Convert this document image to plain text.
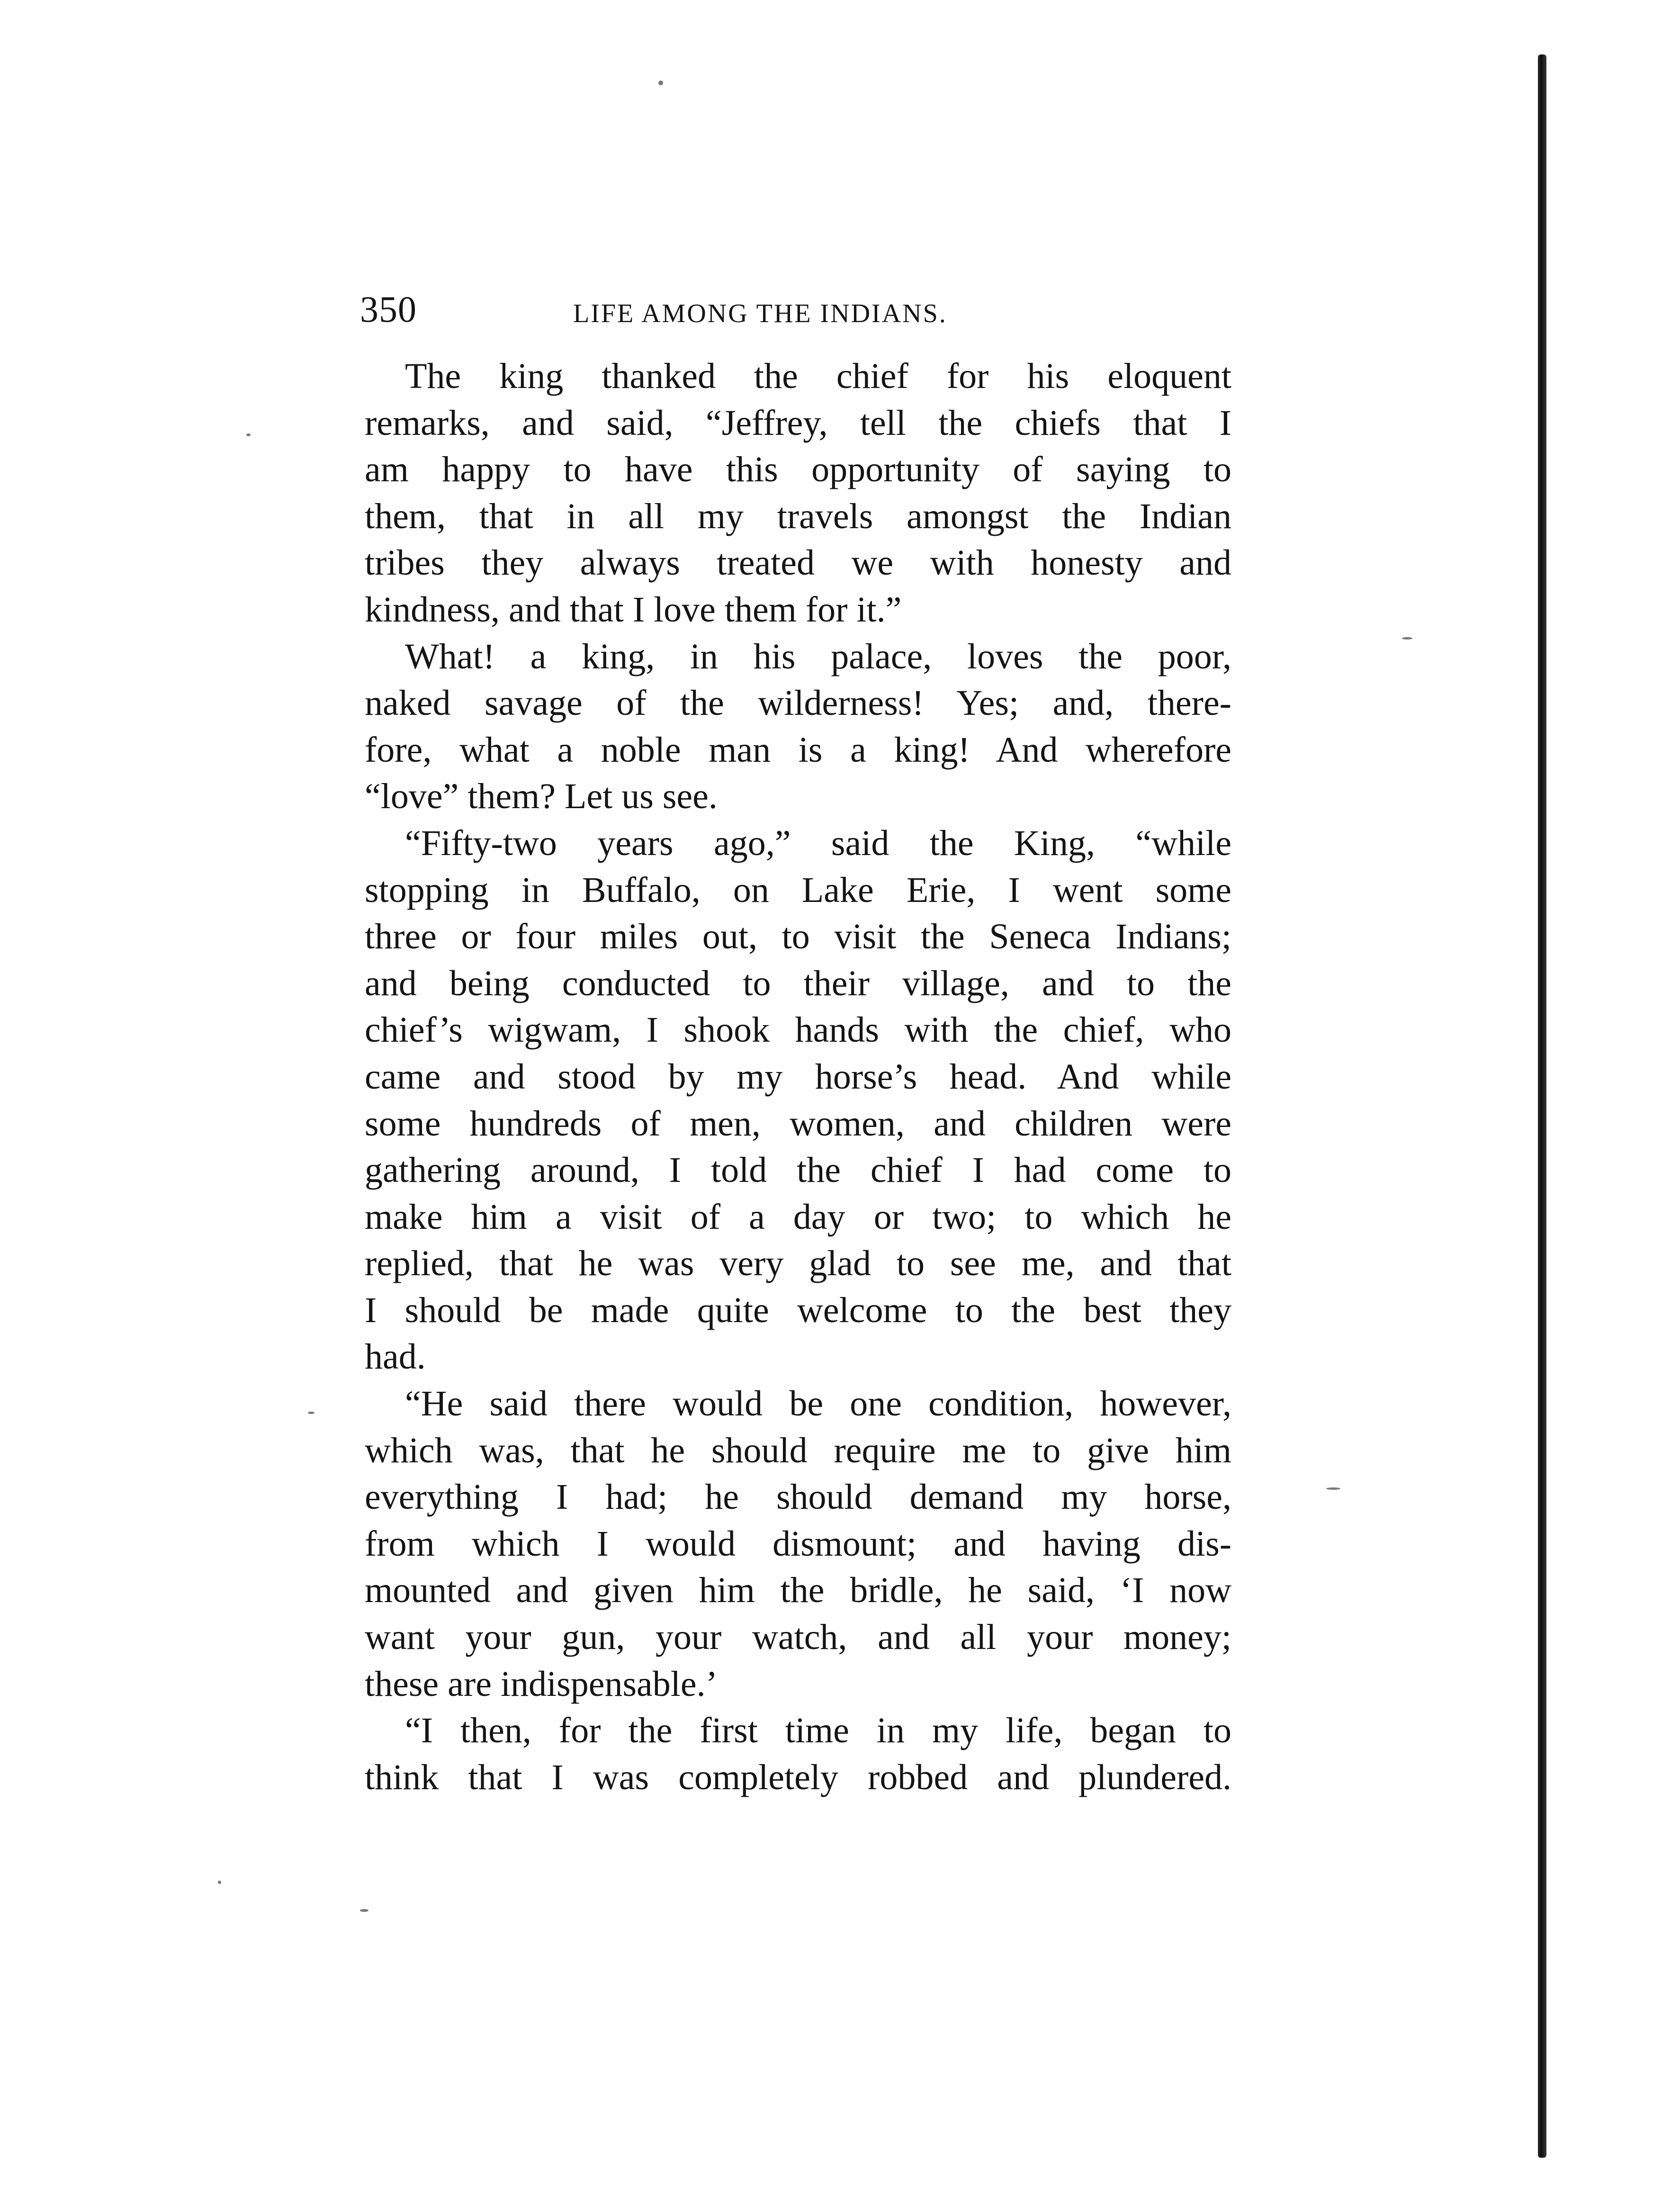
350	LIFE AMONG THE INDIANS.
The king thanked the chief for his eloquent
remarks, and said, “Jeffrey, tell the chiefs that I
am happy to have this opportunity of saying to
them, that in all my travels amongst the Indian
tribes they always treated we with honesty and
kindness, and that I love them for it.”
What! a king, in his palace, loves the poor,
naked savage of the wilderness! Yes; and, there-
fore, what a noble man is a king! And wherefore
“love” them? Let us see.
“Fifty-two years ago,” said the King, “while
stopping in Buffalo, on Lake Erie, I went some
three or four miles out, to visit the Seneca Indians;
and being conducted to their village, and to the
chief’s wigwam, I shook hands with the chief, who
came and stood by my horse’s head. And while
some hundreds of men, women, and children were
gathering around, I told the chief I had come to
make him a visit of a day or two; to which he
replied, that he was very glad to see me, and that
I should be made quite welcome to the best they
had.
“He said there would be one condition, however,
which was, that he should require me to give him
everything I had; he should demand my horse,
from which I would dismount; and having dis-
mounted and given him the bridle, he said, ‘I now
want your gun, your watch, and all your money;
these are indispensable.’
“I then, for the first time in my life, began to
think that I was completely robbed and plundered.
